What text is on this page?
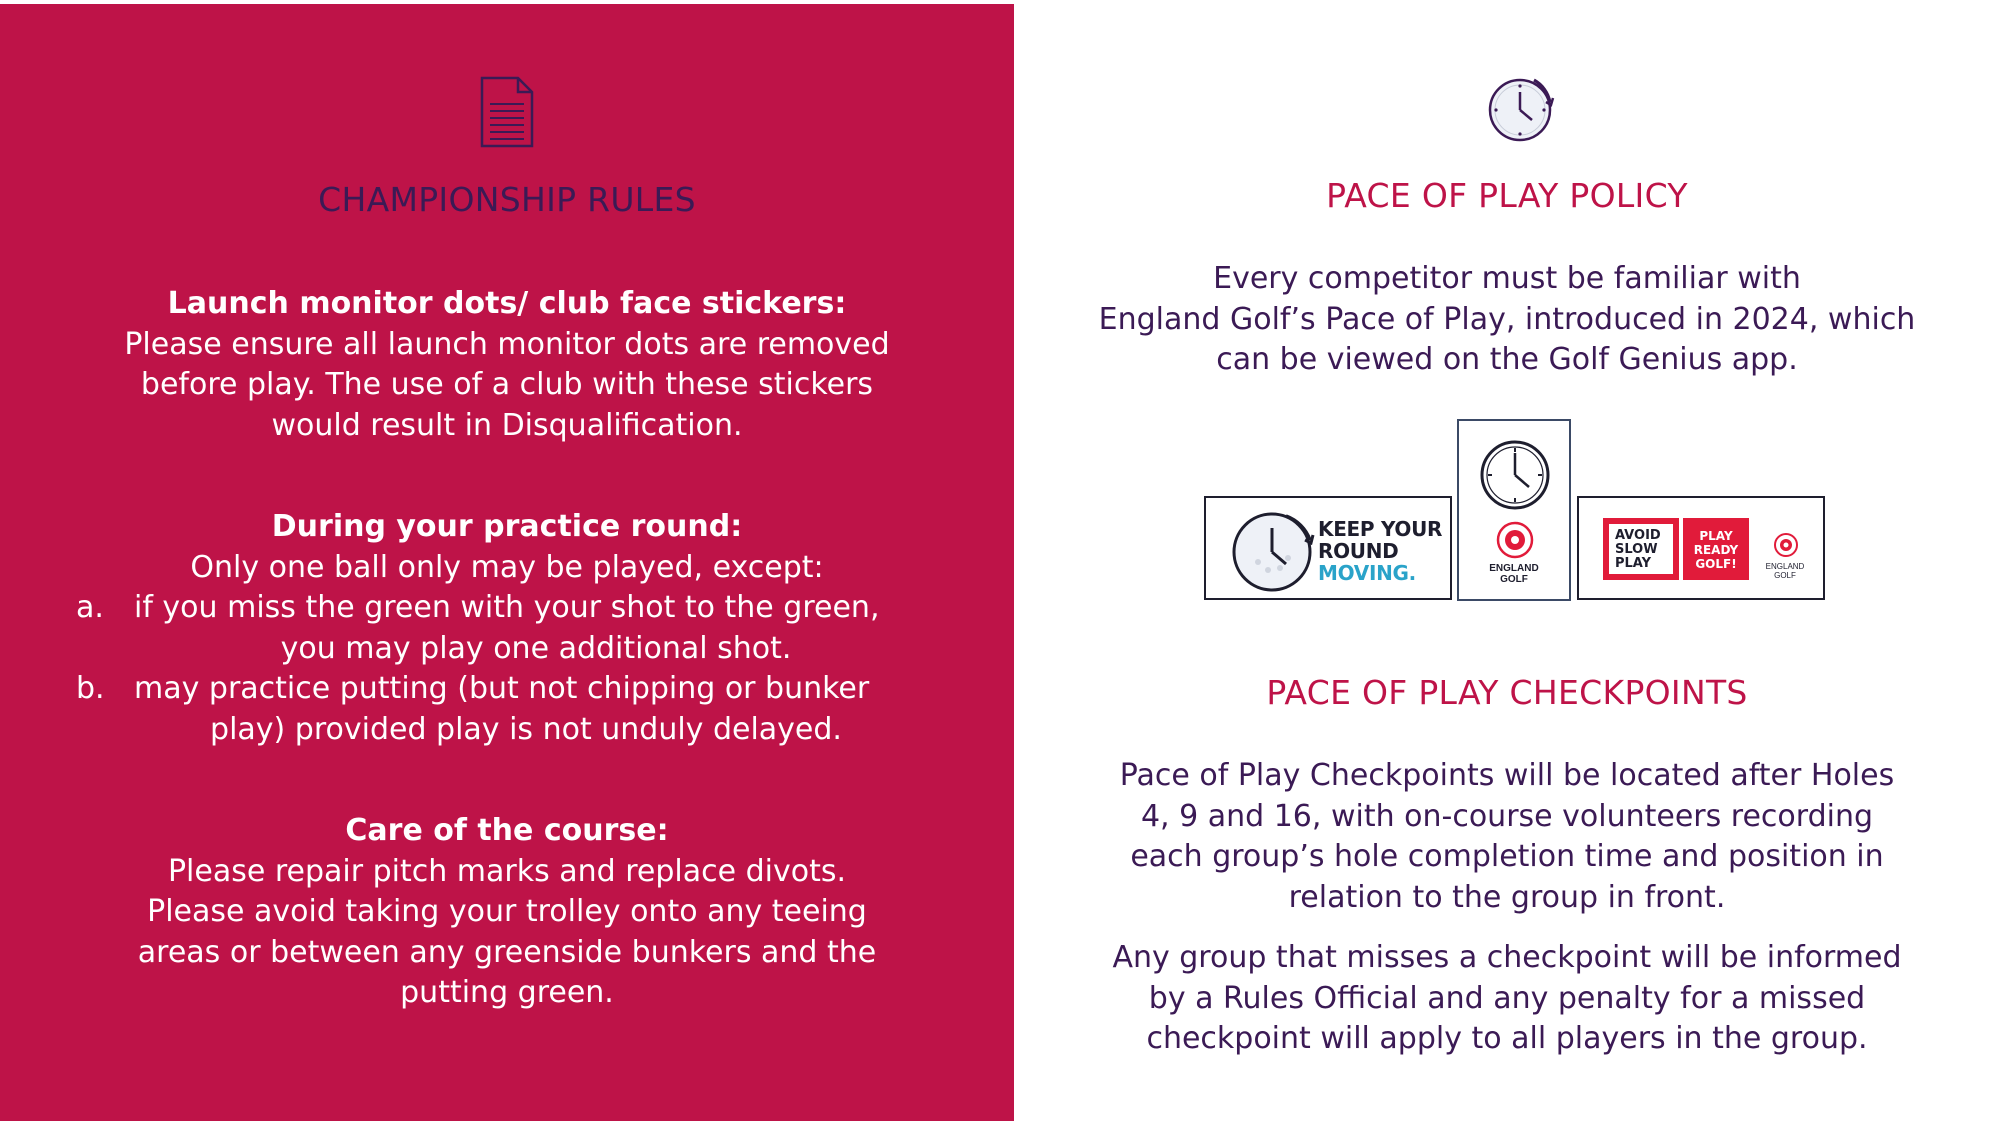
CHAMPIONSHIP RULES
Launch monitor dots/ club face stickers:
Please ensure all launch monitor dots are removed
before play. The use of a club with these stickers
would result in Disqualification.
During your practice round:
Only one ball only may be played, except:
a.	if you miss the green with your shot to the green,
you may play one additional shot.
b. may practice putting (but not chipping or bunker
play) provided play is not unduly delayed.
Care of the course:
Please repair pitch marks and replace divots.
Please avoid taking your trolley onto any teeing
areas or between any greenside bunkers and the
putting green.
PACE OF PLAY POLICY
Every competitor must be familiar with
England Golf’s Pace of Play, introduced in 2024, which
can be viewed on the Golf Genius app.
KEEP YOUR
ROUND
MOVING.	ENGLAND
GOLF
AVOID
SLOW
PLAY
PLAY
READY
GOLF!	ENGLAND
GOLF
PACE OF PLAY CHECKPOINTS
Pace of Play Checkpoints will be located after Holes
4, 9 and 16, with on-course volunteers recording
each group’s hole completion time and position in
relation to the group in front.
Any group that misses a checkpoint will be informed
by a Rules Official and any penalty for a missed
checkpoint will apply to all players in the group.
